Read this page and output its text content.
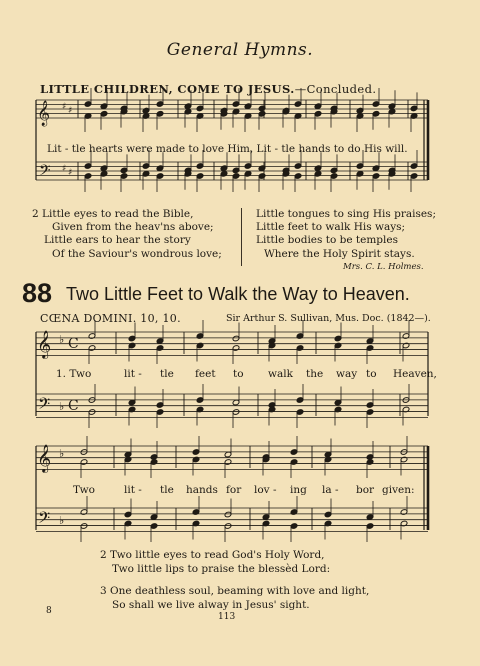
General Hymns.
LITTLE CHILDREN, COME TO JESUS.—Concluded.
𝄞
𝄢
♯ ♯
♯ ♯
𝄞
𝄢
♭
♭
C
C
𝄞
𝄢
♭
♭
Lit - tle hearts were made to love Him, Lit - tle hands to do His will.
2 Little eyes to read the Bible,
Given from the heav'ns above;
Little ears to hear the story
Of the Saviour's wondrous love;
Little tongues to sing His praises;
Little feet to walk His ways;
Little bodies to be temples
Where the Holy Spirit stays.
Mrs. C. L. Holmes.
88 Two Little Feet to Walk the Way to Heaven.
CŒNA DOMINI. 10, 10.	Sir Arthur S. Sullivan, Mus. Doc. (1842—).
1. Two	lit - tle feet to walk the way to Heaven,
Two	lit - tle hands for lov - ing la - bor given:
2 Two little eyes to read God's Holy Word,
Two little lips to praise the blessèd Lord:
3 One deathless soul, beaming with love and light,
So shall we live alway in Jesus' sight.
8
113
